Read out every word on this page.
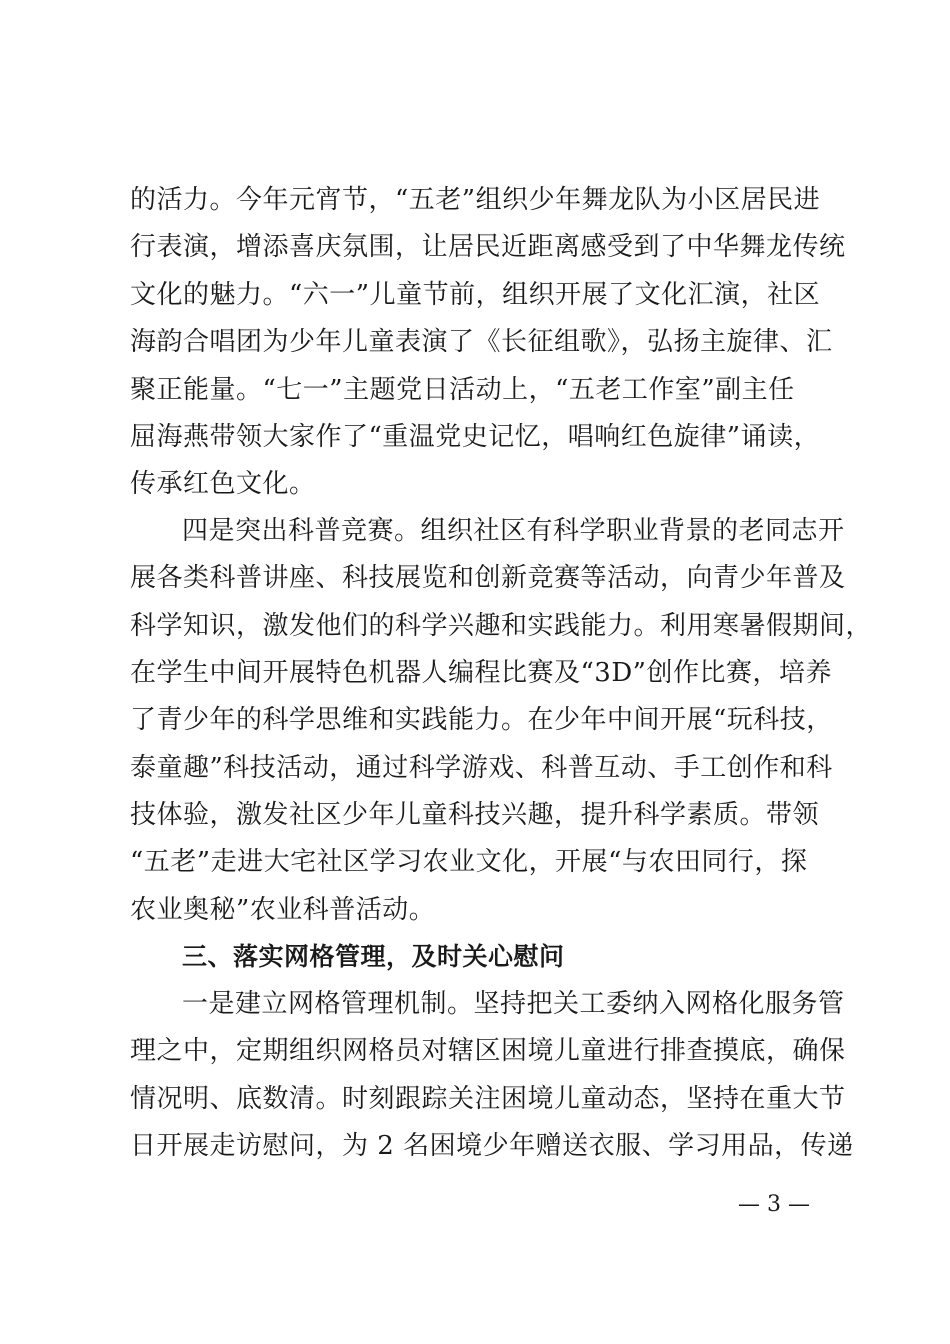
的活力。今年元宵节，“五老”组织少年舞龙队为小区居民进
行表演，增添喜庆氛围，让居民近距离感受到了中华舞龙传统
文化的魅力。“六一”儿童节前，组织开展了文化汇演，社区
海韵合唱团为少年儿童表演了《长征组歌》，弘扬主旋律、汇
聚正能量。“七一”主题党日活动上，“五老工作室”副主任
屈海燕带领大家作了“重温党史记忆，唱响红色旋律”诵读，
传承红色文化。
四是突出科普竞赛。组织社区有科学职业背景的老同志开
展各类科普讲座、科技展览和创新竞赛等活动，向青少年普及
科学知识，激发他们的科学兴趣和实践能力。利用寒暑假期间，
在学生中间开展特色机器人编程比赛及“3D”创作比赛，培养
了青少年的科学思维和实践能力。在少年中间开展“玩科技，
泰童趣”科技活动，通过科学游戏、科普互动、手工创作和科
技体验，激发社区少年儿童科技兴趣，提升科学素质。带领
“五老”走进大宅社区学习农业文化，开展“与农田同行，探
农业奥秘”农业科普活动。
三、落实网格管理，及时关心慰问
一是建立网格管理机制。坚持把关工委纳入网格化服务管
理之中，定期组织网格员对辖区困境儿童进行排查摸底，确保
情况明、底数清。时刻跟踪关注困境儿童动态，坚持在重大节
日开展走访慰问，为 2 名困境少年赠送衣服、学习用品，传递
— 3 —
